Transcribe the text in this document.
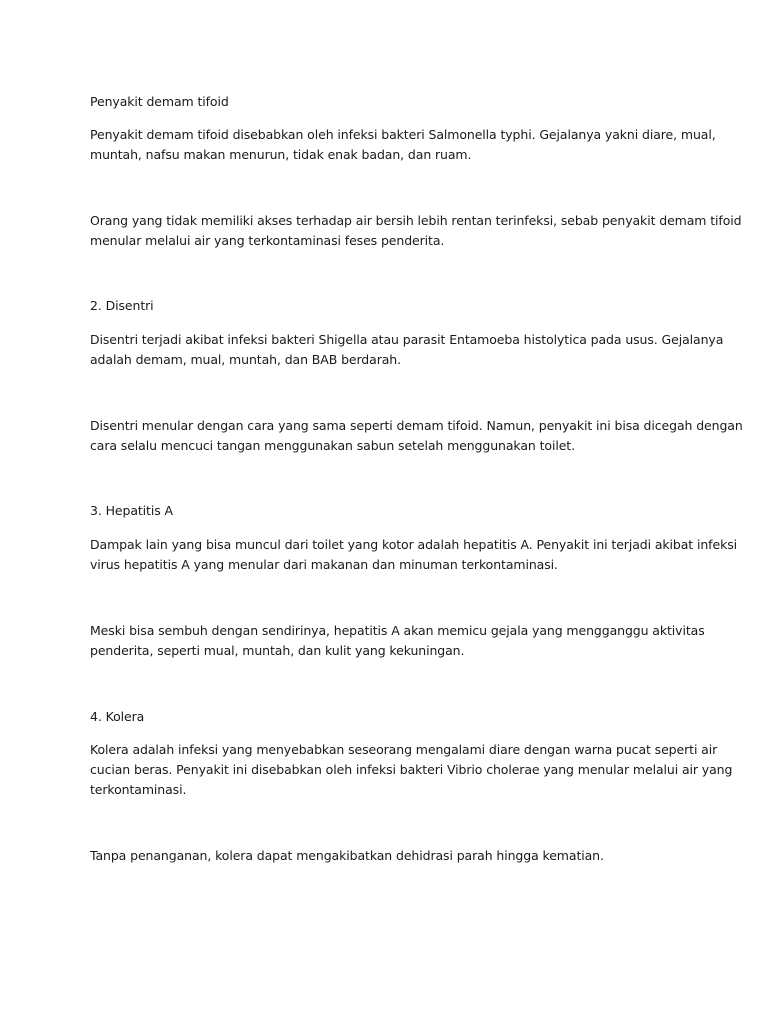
Penyakit demam tifoid

Penyakit demam tifoid disebabkan oleh infeksi bakteri Salmonella typhi. Gejalanya yakni diare, mual,
muntah, nafsu makan menurun, tidak enak badan, dan ruam.

Orang yang tidak memiliki akses terhadap air bersih lebih rentan terinfeksi, sebab penyakit demam tifoid
menular melalui air yang terkontaminasi feses penderita.

2. Disentri

Disentri terjadi akibat infeksi bakteri Shigella atau parasit Entamoeba histolytica pada usus. Gejalanya
adalah demam, mual, muntah, dan BAB berdarah.

Disentri menular dengan cara yang sama seperti demam tifoid. Namun, penyakit ini bisa dicegah dengan
cara selalu mencuci tangan menggunakan sabun setelah menggunakan toilet.

3. Hepatitis A

Dampak lain yang bisa muncul dari toilet yang kotor adalah hepatitis A. Penyakit ini terjadi akibat infeksi
virus hepatitis A yang menular dari makanan dan minuman terkontaminasi.

Meski bisa sembuh dengan sendirinya, hepatitis A akan memicu gejala yang mengganggu aktivitas
penderita, seperti mual, muntah, dan kulit yang kekuningan.

4. Kolera

Kolera adalah infeksi yang menyebabkan seseorang mengalami diare dengan warna pucat seperti air
cucian beras. Penyakit ini disebabkan oleh infeksi bakteri Vibrio cholerae yang menular melalui air yang
terkontaminasi.

Tanpa penanganan, kolera dapat mengakibatkan dehidrasi parah hingga kematian.
